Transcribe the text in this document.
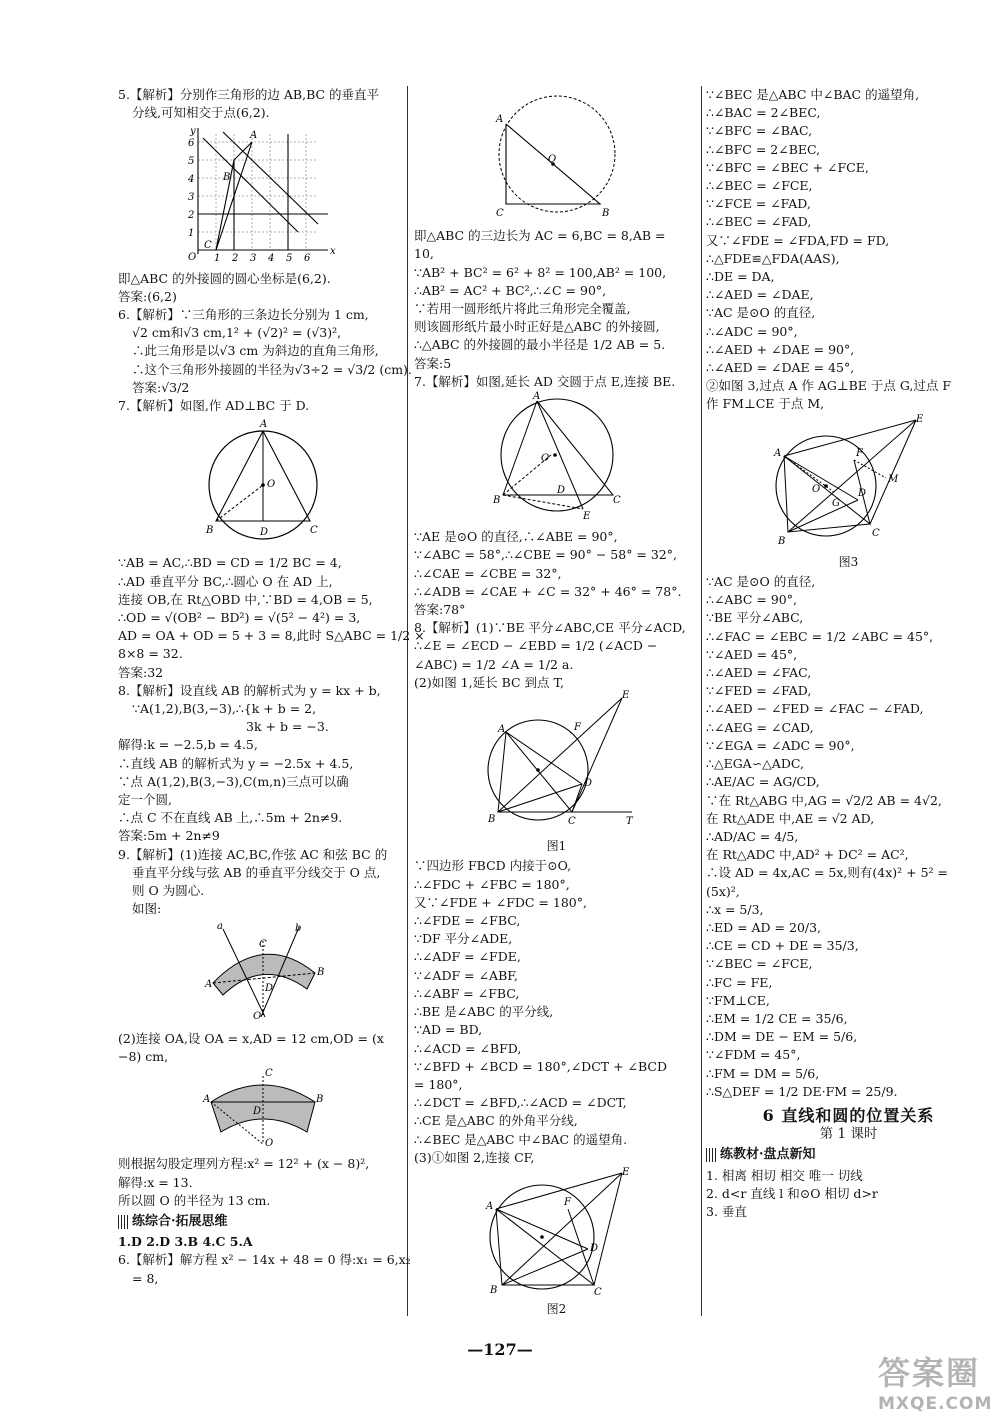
5.【解析】分别作三角形的边 AB,BC 的垂直平
分线,可知相交于点(6,2).
O 1 2 3 4 5 6
x
y
1
2
3
4
5
6
A
B
C
即△ABC 的外接圆的圆心坐标是(6,2).
答案:(6,2)
6.【解析】∵三角形的三条边长分别为 1 cm,
√2 cm和√3 cm,1² + (√2)² = (√3)²,
∴此三角形是以√3 cm 为斜边的直角三角形,
∴这个三角形外接圆的半径为√3÷2 = √3/2 (cm).
答案:√3/2
7.【解析】如图,作 AD⊥BC 于 D.
A
B	C
D
O
∵AB = AC,∴BD = CD = 1/2 BC = 4,
∴AD 垂直平分 BC,∴圆心 O 在 AD 上,
连接 OB,在 Rt△OBD 中,∵BD = 4,OB = 5,
∴OD = √(OB² − BD²) = √(5² − 4²) = 3,
AD = OA + OD = 5 + 3 = 8,此时 S△ABC = 1/2 ×
8×8 = 32.
答案:32
8.【解析】设直线 AB 的解析式为 y = kx + b,
∵A(1,2),B(3,−3),∴{k + b = 2,
3k + b = −3.
解得:k = −2.5,b = 4.5,
∴直线 AB 的解析式为 y = −2.5x + 4.5,
∵点 A(1,2),B(3,−3),C(m,n)三点可以确
定一个圆,
∴点 C 不在直线 AB 上,∴5m + 2n≠9.
答案:5m + 2n≠9
9.【解析】(1)连接 AC,BC,作弦 AC 和弦 BC 的
垂直平分线与弦 AB 的垂直平分线交于 O 点,
则 O 为圆心.
如图:
a	b
A
B
C
D
O
(2)连接 OA,设 OA = x,AD = 12 cm,OD = (x
−8) cm,
A	B
C
D
O
则根据勾股定理列方程:x² = 12² + (x − 8)²,
解得:x = 13.
所以圆 O 的半径为 13 cm.
练综合·拓展思维
1.D 2.D 3.B 4.C 5.A
6.【解析】解方程 x² − 14x + 48 = 0 得:x₁ = 6,x₂
= 8,
A
C	B
O
即△ABC 的三边长为 AC = 6,BC = 8,AB =
10,
∵AB² + BC² = 6² + 8² = 100,AB² = 100,
∴AB² = AC² + BC²,∴∠C = 90°,
∵若用一圆形纸片将此三角形完全覆盖,
则该圆形纸片最小时正好是△ABC 的外接圆,
∴△ABC 的外接圆的最小半径是 1/2 AB = 5.
答案:5
7.【解析】如图,延长 AD 交圆于点 E,连接 BE.
A
B	C
D
O
E
∵AE 是⊙O 的直径,∴∠ABE = 90°,
∵∠ABC = 58°,∴∠CBE = 90° − 58° = 32°,
∴∠CAE = ∠CBE = 32°,
∴∠ADB = ∠CAE + ∠C = 32° + 46° = 78°.
答案:78°
8.【解析】(1)∵BE 平分∠ABC,CE 平分∠ACD,
∴∠E = ∠ECD − ∠EBD = 1/2 (∠ACD −
∠ABC) = 1/2 ∠A = 1/2 a.
(2)如图 1,延长 BC 到点 T,
A
B	C
D
E
F
T
图1
∵四边形 FBCD 内接于⊙O,
∴∠FDC + ∠FBC = 180°,
又∵∠FDE + ∠FDC = 180°,
∴∠FDE = ∠FBC,
∵DF 平分∠ADE,
∴∠ADF = ∠FDE,
∵∠ADF = ∠ABF,
∴∠ABF = ∠FBC,
∴BE 是∠ABC 的平分线,
∵AD = BD,
∴∠ACD = ∠BFD,
∵∠BFD + ∠BCD = 180°,∠DCT + ∠BCD
= 180°,
∴∠DCT = ∠BFD,∴∠ACD = ∠DCT,
∴CE 是△ABC 的外角平分线,
∴∠BEC 是△ABC 中∠BAC 的遥望角.
(3)①如图 2,连接 CF,
A
B	C
D
E
F
图2
∵∠BEC 是△ABC 中∠BAC 的遥望角,
∴∠BAC = 2∠BEC,
∵∠BFC = ∠BAC,
∴∠BFC = 2∠BEC,
∵∠BFC = ∠BEC + ∠FCE,
∴∠BEC = ∠FCE,
∵∠FCE = ∠FAD,
∴∠BEC = ∠FAD,
又∵∠FDE = ∠FDA,FD = FD,
∴△FDE≌△FDA(AAS),
∴DE = DA,
∴∠AED = ∠DAE,
∵AC 是⊙O 的直径,
∴∠ADC = 90°,
∴∠AED + ∠DAE = 90°,
∴∠AED = ∠DAE = 45°,
②如图 3,过点 A 作 AG⊥BE 于点 G,过点 F
作 FM⊥CE 于点 M,
A
B
C
D
E
F
G
O
M
图3
∵AC 是⊙O 的直径,
∴∠ABC = 90°,
∵BE 平分∠ABC,
∴∠FAC = ∠EBC = 1/2 ∠ABC = 45°,
∵∠AED = 45°,
∴∠AED = ∠FAC,
∵∠FED = ∠FAD,
∴∠AED − ∠FED = ∠FAC − ∠FAD,
∴∠AEG = ∠CAD,
∵∠EGA = ∠ADC = 90°,
∴△EGA∽△ADC,
∴AE/AC = AG/CD,
∵在 Rt△ABG 中,AG = √2/2 AB = 4√2,
在 Rt△ADE 中,AE = √2 AD,
∴AD/AC = 4/5,
在 Rt△ADC 中,AD² + DC² = AC²,
∴设 AD = 4x,AC = 5x,则有(4x)² + 5² =
(5x)²,
∴x = 5/3,
∴ED = AD = 20/3,
∴CE = CD + DE = 35/3,
∵∠BEC = ∠FCE,
∴FC = FE,
∵FM⊥CE,
∴EM = 1/2 CE = 35/6,
∴DM = DE − EM = 5/6,
∵∠FDM = 45°,
∴FM = DM = 5/6,
∴S△DEF = 1/2 DE·FM = 25/9.
6 直线和圆的位置关系
第 1 课时
练教材·盘点新知
1. 相离 相切 相交 唯一 切线
2. d<r 直线 l 和⊙O 相切 d>r
3. 垂直
—127—
答案圈
MXQE.COM
